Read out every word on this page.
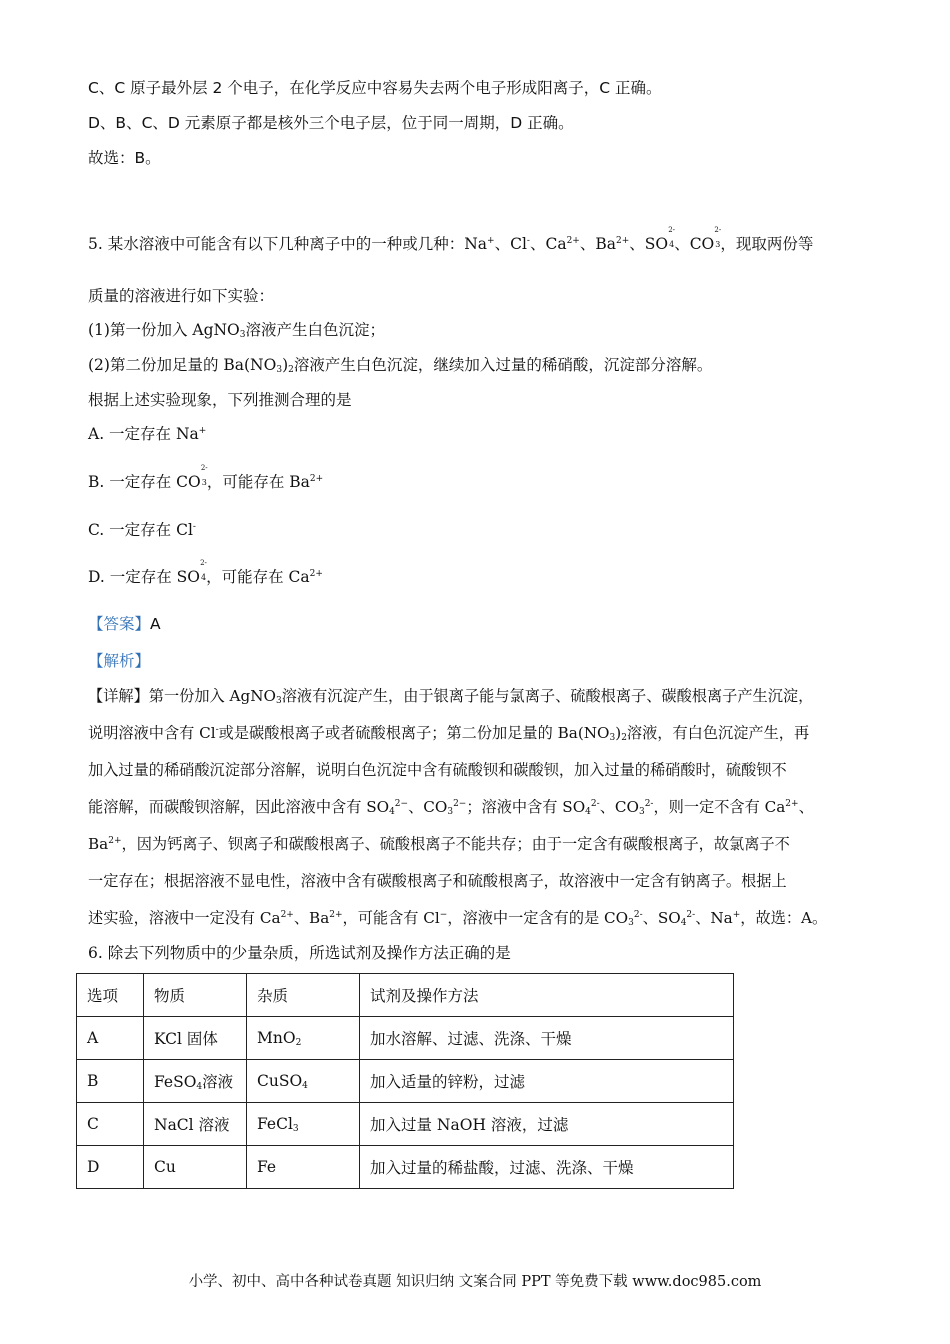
C、C 原子最外层 2 个电子，在化学反应中容易失去两个电子形成阳离子，C 正确。
D、B、C、D 元素原子都是核外三个电子层，位于同一周期，D 正确。
故选：B。
5. 某水溶液中可能含有以下几种离子中的一种或几种：Na+、Cl-、$Ca^{2+}$、$Ba^{2+}$、SO
2-
4、CO
2-
3，现取两份等
质量的溶液进行如下实验：
(1)第一份加入 AgNO$_3$溶液产生白色沉淀；
(2)第二份加足量的 $Ba(NO_3)_2$溶液产生白色沉淀，继续加入过量的稀硝酸，沉淀部分溶解。
根据上述实验现象，下列推测合理的是
A. 一定存在 Na+
B. 一定存在 CO
2-
3，可能存在 $Ba^{2+}$
C. 一定存在 Cl-
D. 一定存在 SO
2-
4，可能存在 $Ca^{2+}$
【答案】A
【解析】
【详解】第一份加入 AgNO$_3$溶液有沉淀产生，由于银离子能与氯离子、硫酸根离子、碳酸根离子产生沉淀，
说明溶液中含有 Cl-或是碳酸根离子或者硫酸根离子；第二份加足量的 $Ba(NO_3)_2$溶液，有白色沉淀产生，再
加入过量的稀硝酸沉淀部分溶解，说明白色沉淀中含有硫酸钡和碳酸钡，加入过量的稀硝酸时，硫酸钡不
能溶解，而碳酸钡溶解，因此溶液中含有 $SO_4^{2-}$、$CO_3^{2-}$；溶液中含有 $SO_4^{2-}$、$CO_3^{2-}$，则一定不含有 $Ca^{2+}$、
$Ba^{2+}$，因为钙离子、钡离子和碳酸根离子、硫酸根离子不能共存；由于一定含有碳酸根离子，故氯离子不
一定存在；根据溶液不显电性，溶液中含有碳酸根离子和硫酸根离子，故溶液中一定含有钠离子。根据上
述实验，溶液中一定没有 $Ca^{2+}$、$Ba^{2+}$，可能含有 Cl−，溶液中一定含有的是 $CO_3^{2-}$、$SO_4^{2-}$、Na+，故选：A。
6. 除去下列物质中的少量杂质，所选试剂及操作方法正确的是
选项	物质	杂质	试剂及操作方法
A	KCl 固体	MnO$_2$	加水溶解、过滤、洗涤、干燥
B	FeSO$_4$溶液	CuSO$_4$	加入适量的锌粉，过滤
C	NaCl 溶液	FeCl$_3$	加入过量 NaOH 溶液，过滤
D	Cu	Fe	加入过量的稀盐酸，过滤、洗涤、干燥
小学、初中、高中各种试卷真题 知识归纳 文案合同 PPT 等免费下载 www.doc985.com
